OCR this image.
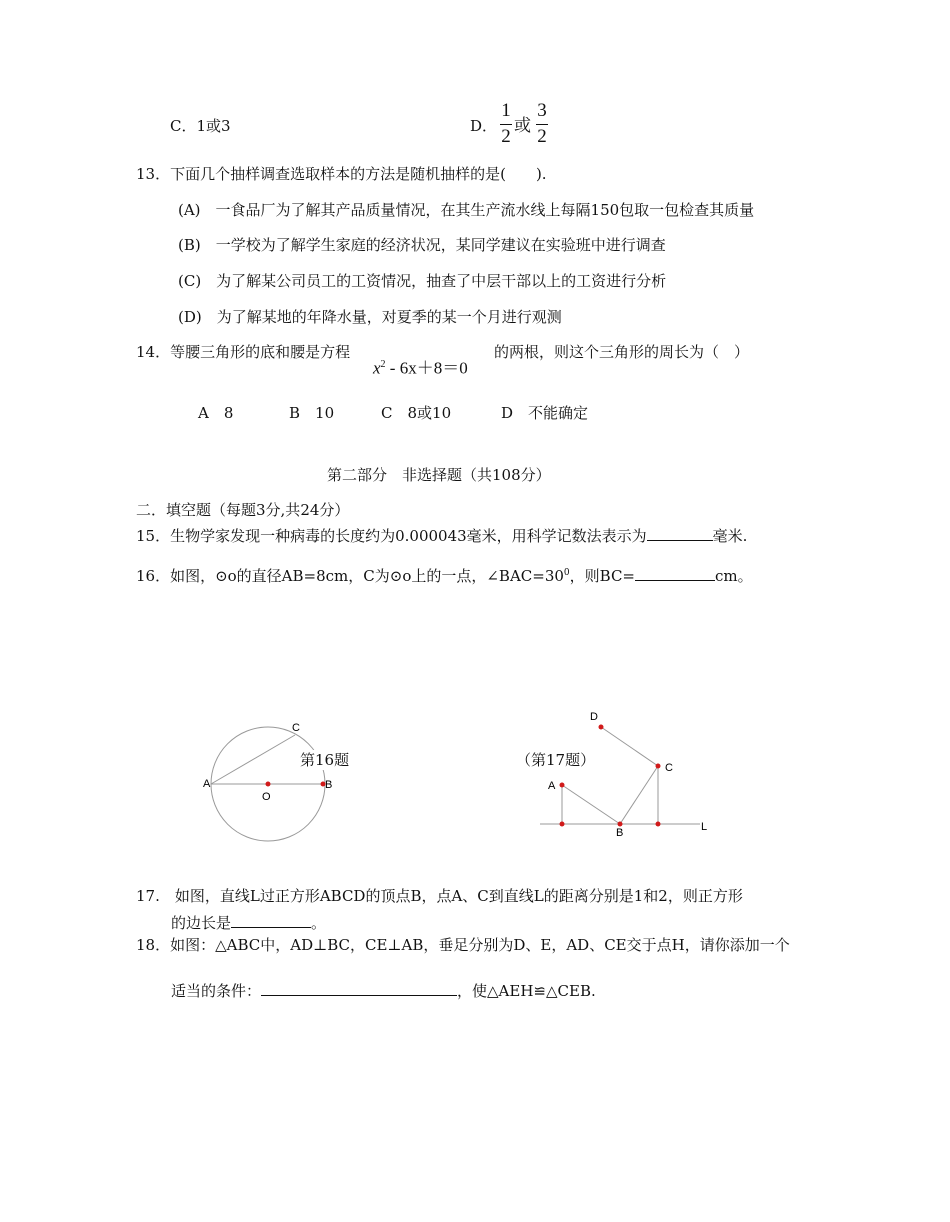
C．1或3	D．
1
2 或
3
2
13．下面几个抽样调查选取样本的方法是随机抽样的是(　　).
(A)　一食品厂为了解其产品质量情况，在其生产流水线上每隔150包取一包检查其质量
(B)　一学校为了解学生家庭的经济状况，某同学建议在实验班中进行调查
(C)　为了解某公司员工的工资情况，抽查了中层干部以上的工资进行分析
(D)　为了解某地的年降水量，对夏季的某一个月进行观测
14．等腰三角形的底和腰是方程
$x^2 - 6x+8=0$
的两根，则这个三角形的周长为（　）
A　8	B　10	C　8或10	D　不能确定
第二部分　非选择题（共108分）
二．填空题（每题3分,共24分）
15．生物学家发现一种病毒的长度约为0.000043毫米，用科学记数法表示为	毫米.
16．如图，⊙o的直径AB=8cm，C为⊙o上的一点，$\angle BAC=30^0$，则BC=	cm。
A	B
C
O
第16题
A
B
C
D
L
（第17题）
17.　如图，直线L过正方形ABCD的顶点B，点A、C到直线L的距离分别是1和2，则正方形
的边长是	。
18．如图：△ABC中，AD⊥BC，CE⊥AB，垂足分别为D、E，AD、CE交于点H，请你添加一个
适当的条件：	，使△AEH≌△CEB.
